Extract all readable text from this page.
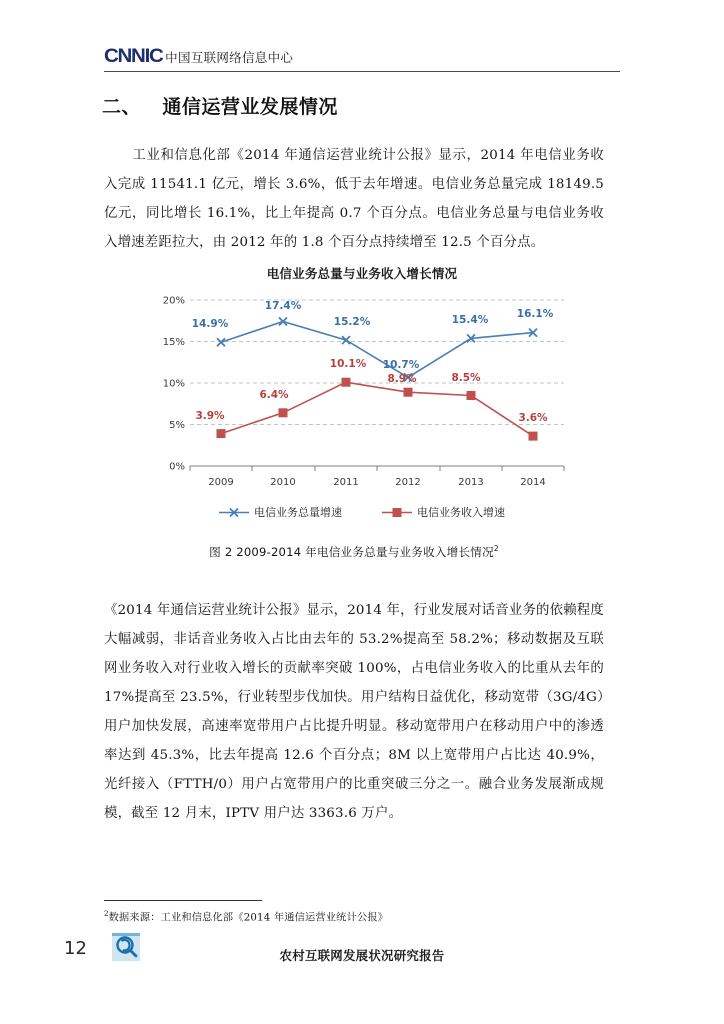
CNNIC 中国互联网络信息中心
二、 通信运营业发展情况
工业和信息化部《2014 年通信运营业统计公报》显示，2014 年电信业务收入完成 11541.1 亿元，增长 3.6%，低于去年增速。电信业务总量完成 18149.5 亿元，同比增长 16.1%，比上年提高 0.7 个百分点。电信业务总量与电信业务收入增速差距拉大，由 2012 年的 1.8 个百分点持续增至 12.5 个百分点。
电信业务总量与业务收入增长情况
20%
15%
10%
5%
0%
2009	2010	2011	2012	2013	2014
14.9%
17.4%
15.2%
10.7%
15.4%	16.1%
3.9%
6.4%
10.1%
8.9%	8.5%
3.6%
电信业务总量增速	电信业务收入增速
图 2 2009-2014 年电信业务总量与业务收入增长情况$^2$
《2014 年通信运营业统计公报》显示，2014 年，行业发展对话音业务的依赖程度大幅减弱，非话音业务收入占比由去年的 53.2%提高至 58.2%；移动数据及互联网业务收入对行业收入增长的贡献率突破 100%，占电信业务收入的比重从去年的 17%提高至 23.5%，行业转型步伐加快。用户结构日益优化，移动宽带（3G/4G）用户加快发展，高速率宽带用户占比提升明显。移动宽带用户在移动用户中的渗透率达到 45.3%，比去年提高 12.6 个百分点；8M 以上宽带用户占比达 40.9%，光纤接入（FTTH/0）用户占宽带用户的比重突破三分之一。融合业务发展渐成规模，截至 12 月末，IPTV 用户达 3363.6 万户。
$^2$数据来源：工业和信息化部《2014 年通信运营业统计公报》
12	农村互联网发展状况研究报告
